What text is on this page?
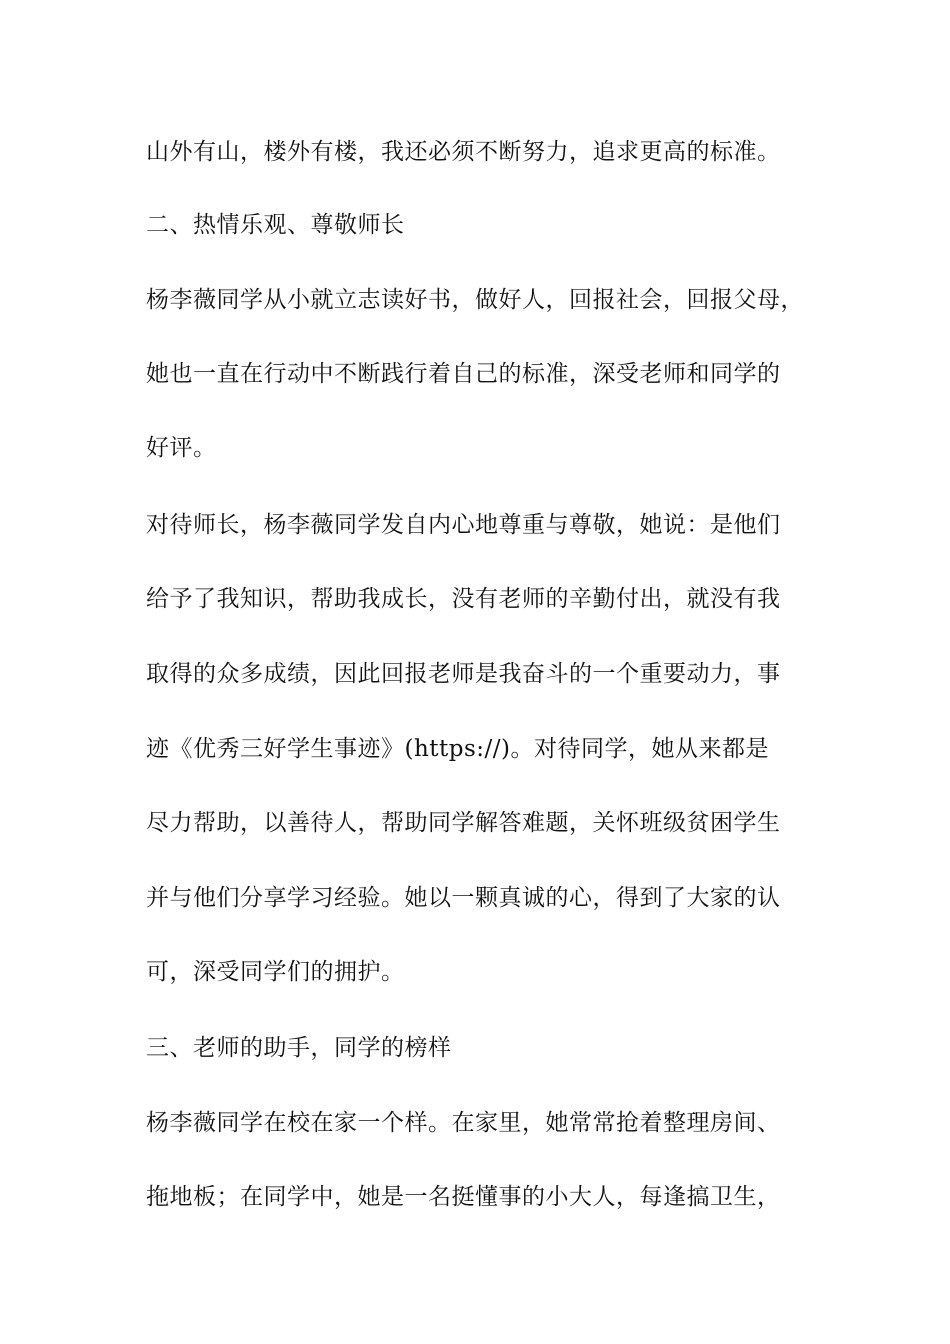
山外有山，楼外有楼，我还必须不断努力，追求更高的标准。

二、热情乐观、尊敬师长

杨李薇同学从小就立志读好书，做好人，回报社会，回报父母，

她也一直在行动中不断践行着自己的标准，深受老师和同学的

好评。

对待师长，杨李薇同学发自内心地尊重与尊敬，她说：是他们

给予了我知识，帮助我成长，没有老师的辛勤付出，就没有我

取得的众多成绩，因此回报老师是我奋斗的一个重要动力，事

迹《优秀三好学生事迹》(https://)。对待同学，她从来都是

尽力帮助，以善待人，帮助同学解答难题，关怀班级贫困学生

并与他们分享学习经验。她以一颗真诚的心，得到了大家的认

可，深受同学们的拥护。

三、老师的助手，同学的榜样

杨李薇同学在校在家一个样。在家里，她常常抢着整理房间、

拖地板；在同学中，她是一名挺懂事的小大人，每逢搞卫生，
